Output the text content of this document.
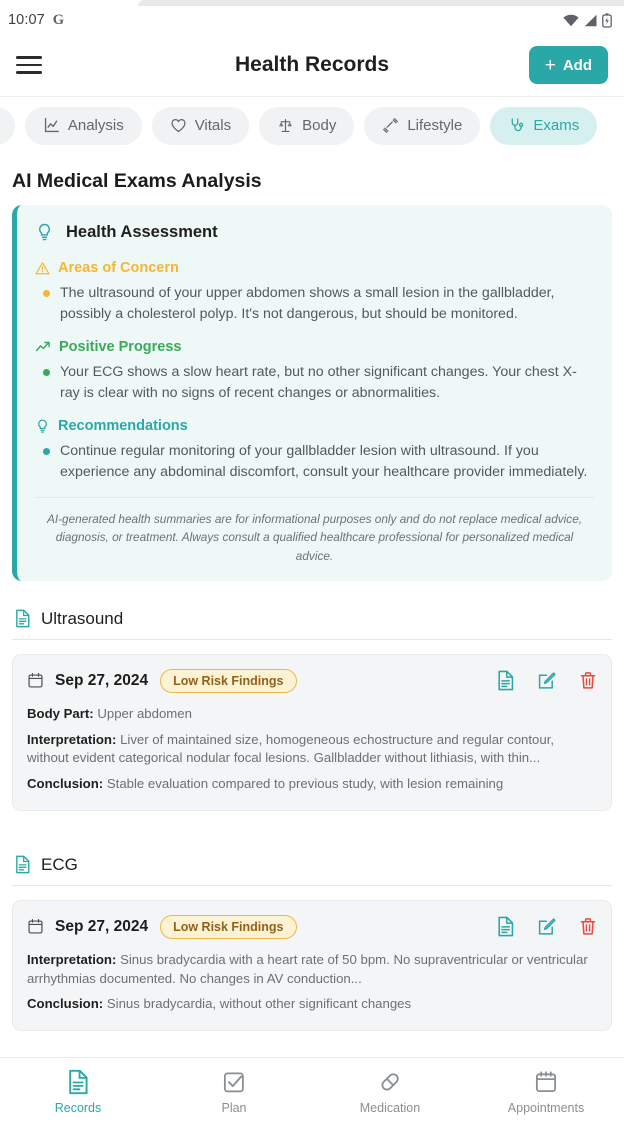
10:07 G
Health Records	+ Add
Analysis	Vitals	Body	Lifestyle	Exams
AI Medical Exams Analysis
Health Assessment
Areas of Concern
The ultrasound of your upper abdomen shows a small lesion in the gallbladder, possibly a cholesterol polyp. It's not dangerous, but should be monitored.
Positive Progress
Your ECG shows a slow heart rate, but no other significant changes. Your chest X-ray is clear with no signs of recent changes or abnormalities.
Recommendations
Continue regular monitoring of your gallbladder lesion with ultrasound. If you experience any abdominal discomfort, consult your healthcare provider immediately.
AI-generated health summaries are for informational purposes only and do not replace medical advice, diagnosis, or treatment. Always consult a qualified healthcare professional for personalized medical advice.
Ultrasound
Sep 27, 2024	Low Risk Findings
Body Part: Upper abdomen
Interpretation: Liver of maintained size, homogeneous echostructure and regular contour, without evident categorical nodular focal lesions. Gallbladder without lithiasis, with thin...
Conclusion: Stable evaluation compared to previous study, with lesion remaining
ECG
Sep 27, 2024	Low Risk Findings
Interpretation: Sinus bradycardia with a heart rate of 50 bpm. No supraventricular or ventricular arrhythmias documented. No changes in AV conduction...
Conclusion: Sinus bradycardia, without other significant changes
Records	Plan	Medication	Appointments
